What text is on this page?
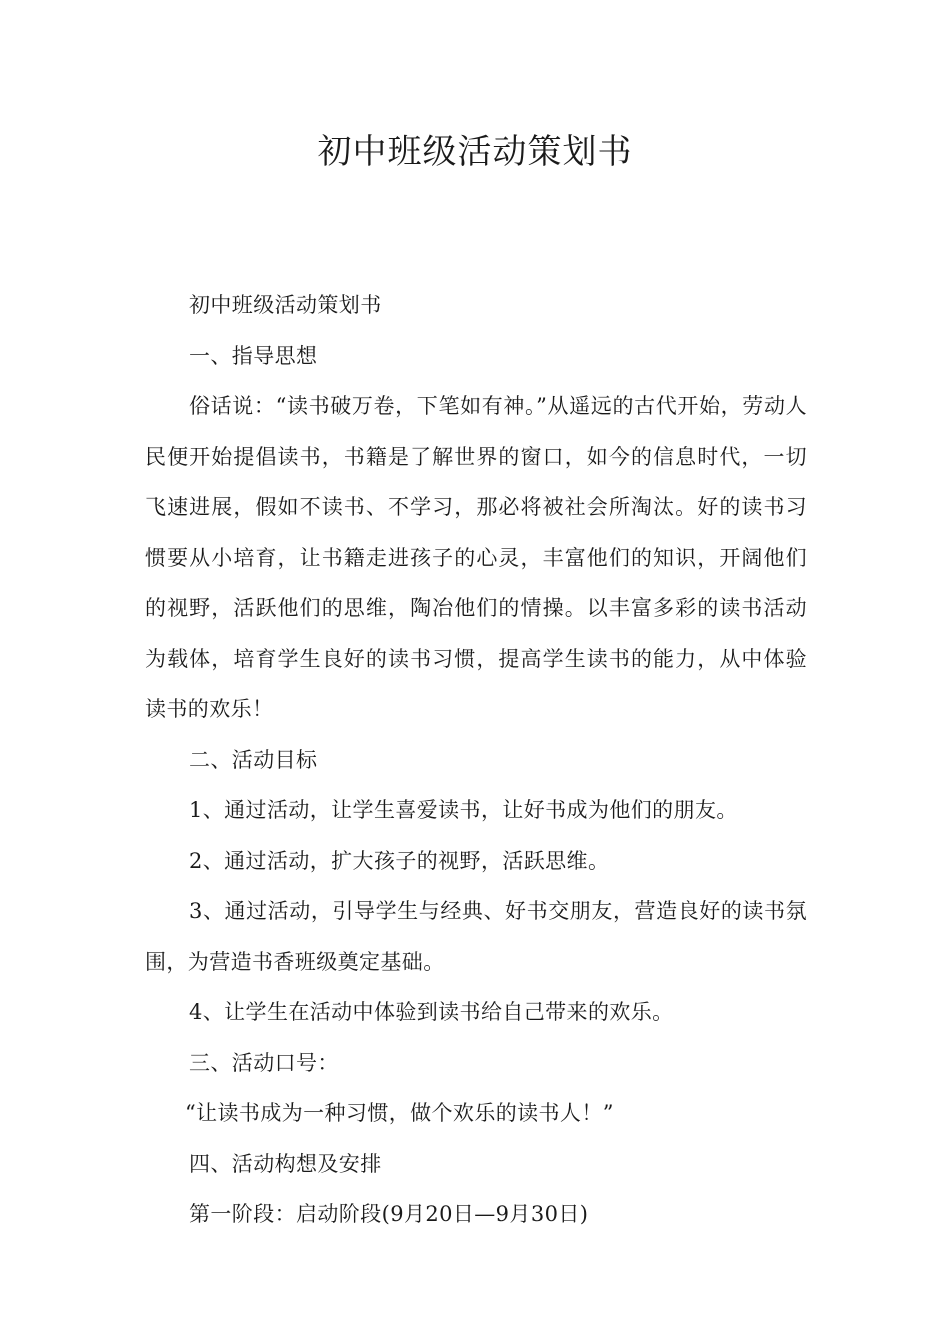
初中班级活动策划书

初中班级活动策划书

一、指导思想

俗话说：“读书破万卷，下笔如有神。”从遥远的古代开始，劳动人民便开始提倡读书，书籍是了解世界的窗口，如今的信息时代，一切飞速进展，假如不读书、不学习，那必将被社会所淘汰。好的读书习惯要从小培育，让书籍走进孩子的心灵，丰富他们的知识，开阔他们的视野，活跃他们的思维，陶冶他们的情操。以丰富多彩的读书活动为载体，培育学生良好的读书习惯，提高学生读书的能力，从中体验读书的欢乐！

二、活动目标

1、通过活动，让学生喜爱读书，让好书成为他们的朋友。

2、通过活动，扩大孩子的视野，活跃思维。

3、通过活动，引导学生与经典、好书交朋友，营造良好的读书氛围，为营造书香班级奠定基础。

4、让学生在活动中体验到读书给自己带来的欢乐。

三、活动口号：

“让读书成为一种习惯，做个欢乐的读书人！”

四、活动构想及安排

第一阶段：启动阶段(9月20日—9月30日)
